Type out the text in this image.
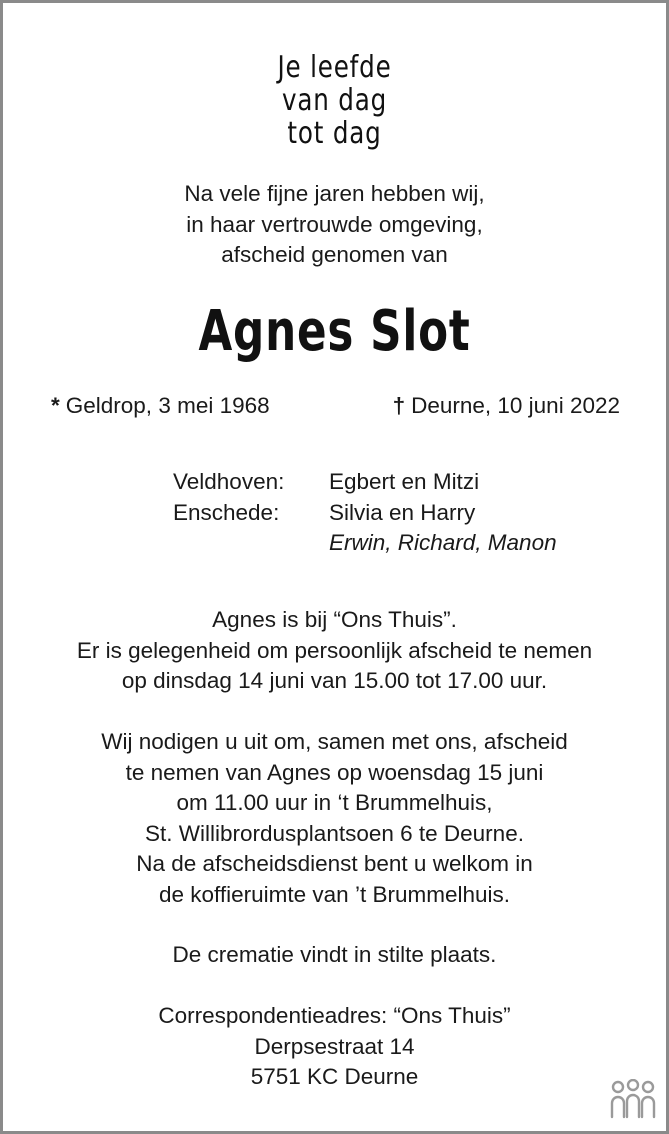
Je leefde
van dag
tot dag
Na vele fijne jaren hebben wij,
in haar vertrouwde omgeving,
afscheid genomen van
Agnes Slot
* Geldrop, 3 mei 1968	† Deurne, 10 juni 2022
Veldhoven:	Egbert en Mitzi
Enschede:	Silvia en Harry
Erwin, Richard, Manon
Agnes is bij “Ons Thuis”.
Er is gelegenheid om persoonlijk afscheid te nemen
op dinsdag 14 juni van 15.00 tot 17.00 uur.
Wij nodigen u uit om, samen met ons, afscheid
te nemen van Agnes op woensdag 15 juni
om 11.00 uur in ‘t Brummelhuis,
St. Willibrordusplantsoen 6 te Deurne.
Na de afscheidsdienst bent u welkom in
de koffieruimte van ’t Brummelhuis.
De crematie vindt in stilte plaats.
Correspondentieadres: “Ons Thuis”
Derpsestraat 14
5751 KC Deurne
